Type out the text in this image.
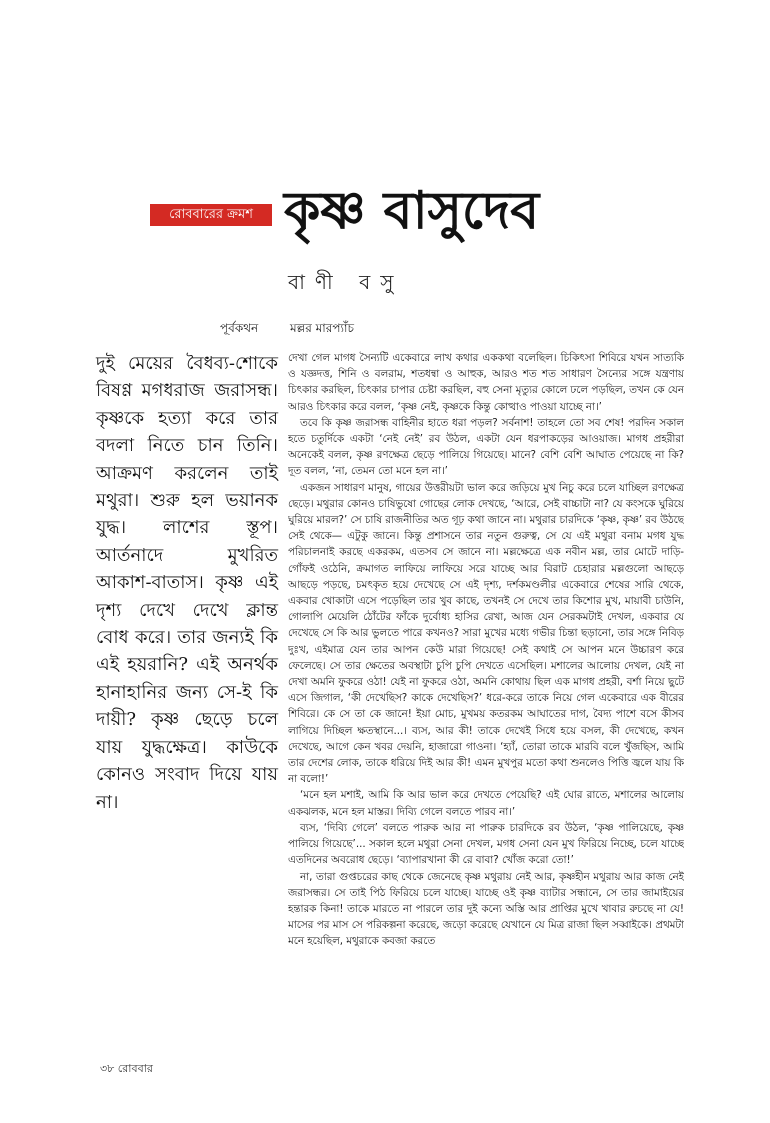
রোববারের ক্রমশ কৃষ্ণ বাসুদেব
বাণী বসু
পূর্বকথন	মল্লর মারপ্যাঁচ

দুই মেয়ের বৈধব্য-শোকে বিষণ্ণ মগধরাজ জরাসন্ধ। কৃষ্ণকে হত্যা করে তার বদলা নিতে চান তিনি। আক্রমণ করলেন তাই মথুরা। শুরু হল ভয়ানক যুদ্ধ। লাশের স্তূপ। আর্তনাদে মুখরিত আকাশ-বাতাস। কৃষ্ণ এই দৃশ্য দেখে দেখে ক্লান্ত বোধ করে। তার জন্যই কি এই হয়রানি? এই অনর্থক হানাহানির জন্য সে-ই কি দায়ী? কৃষ্ণ ছেড়ে চলে যায় যুদ্ধক্ষেত্র। কাউকে কোনও সংবাদ দিয়ে যায় না।

দেখা গেল মাগধ সৈন্যটি একেবারে লাখ কথার এককথা বলেছিল। চিকিৎসা শিবিরে যখন সাত্যকি ও যজ্ঞদত্ত, শিনি ও বলরাম, শতধন্বা ও আহুক, আরও শত শত সাধারণ সৈন্যের সঙ্গে যন্ত্রণায় চিৎকার করছিল, চিৎকার চাপার চেষ্টা করছিল, বহু সেনা মৃত্যুর কোলে ঢলে পড়ছিল, তখন কে যেন আরও চিৎকার করে বলল, ‘কৃষ্ণ নেই, কৃষ্ণকে কিন্তু কোত্থাও পাওয়া যাচ্ছে না।’

তবে কি কৃষ্ণ জরাসন্ধ বাহিনীর হাতে ধরা পড়ল? সর্বনাশ! তাহলে তো সব শেষ! পরদিন সকাল হতে চতুর্দিকে একটা ‘নেই নেই’ রব উঠল, একটা যেন ধরপাকড়ের আওয়াজ। মাগধ প্রহরীরা অনেকেই বলল, কৃষ্ণ রণক্ষেত্র ছেড়ে পালিয়ে গিয়েছে। মানে? বেশি বেশি আঘাত পেয়েছে না কি? দূত বলল, ‘না, তেমন তো মনে হল না।’

একজন সাধারণ মানুষ, গায়ের উত্তরীয়টা ভাল করে জড়িয়ে মুখ নিচু করে চলে যাচ্ছিল রণক্ষেত্র ছেড়ে। মথুরার কোনও চাষিভুষো গোছের লোক দেখছে, ‘আরে, সেই বাচ্চাটা না? যে কংসকে ঘুরিয়ে ঘুরিয়ে মারল?’ সে চাষি রাজনীতির অত গূঢ় কথা জানে না। মথুরার চারদিকে ‘কৃষ্ণ, কৃষ্ণ’ রব উঠছে সেই থেকে— এটুকু জানে। কিন্তু প্রশাসনে তার নতুন গুরুত্ব, সে যে এই মথুরা বনাম মগধ যুদ্ধ পরিচালনাই করছে একরকম, এতসব সে জানে না। মল্লক্ষেত্রে এক নবীন মল্ল, তার মোটে দাড়ি-গোঁফই ওঠেনি, ক্রমাগত লাফিয়ে লাফিয়ে সরে যাচ্ছে আর বিরাট চেহারার মল্লগুলো আছড়ে আছড়ে পড়ছে, চমৎকৃত হয়ে দেখেছে সে এই দৃশ্য, দর্শকমণ্ডলীর একেবারে শেষের সারি থেকে, একবার খোকাটা এসে পড়েছিল তার খুব কাছে, তখনই সে দেখে তার কিশোর মুখ, মায়াবী চাউনি, গোলাপি মেয়েলি ঠোঁটের ফাঁকে দুর্বোধ্য হাসির রেখা, আজ যেন সেরকমটাই দেখল, একবার যে দেখেছে সে কি আর ভুলতে পারে কখনও? সারা মুখের মধ্যে গভীর চিন্তা ছড়ানো, তার সঙ্গে নিবিড় দুঃখ, এইমাত্র যেন তার আপন কেউ মারা গিয়েছে! সেই কথাই সে আপন মনে উচ্চারণ করে ফেলেছে। সে তার ক্ষেতের অবস্থাটা চুপি চুপি দেখতে এসেছিল। মশালের আলোয় দেখল, যেই না দেখা অমনি ফুকরে ওঠা! যেই না ফুকরে ওঠা, অমনি কোথায় ছিল এক মাগধ প্রহরী, বর্শা নিয়ে ছুটে এসে জিগাল, ‘কী দেখেছিস? কাকে দেখেছিস?’ ধরে-করে তাকে নিয়ে গেল একেবারে এক বীরের শিবিরে। কে সে তা কে জানে! ইয়া মোচ, মুখময় কতরকম আঘাতের দাগ, বৈদ্য পাশে বসে কীসব লাগিয়ে দিচ্ছিল ক্ষতস্থানে...। ব্যস, আর কী! তাকে দেখেই সিধে হয়ে বসল, কী দেখেছে, কখন দেখেছে, আগে কেন খবর দেয়নি, হাজারো গাওনা। ‘হ্যাঁ, তোরা তাকে মারবি বলে খুঁজছিস, আমি তার দেশের লোক, তাকে ধরিয়ে দিই আর কী! এমন মুখপুর মতো কথা শুনলেও পিত্তি জ্বলে যায় কি না বলো!’

‘মনে হল মশাই, আমি কি আর ভাল করে দেখতে পেয়েছি? এই ঘোর রাতে, মশালের আলোয় একঝলক, মনে হল মাস্তর। দিব্যি গেলে বলতে পারব না।’

ব্যস, ‘দিব্যি গেলে’ বলতে পারুক আর না পারুক চারদিকে রব উঠল, ‘কৃষ্ণ পালিয়েছে, কৃষ্ণ পালিয়ে গিয়েছে’... সকাল হলে মথুরা সেনা দেখল, মগধ সেনা যেন মুখ ফিরিয়ে নিচ্ছে, চলে যাচ্ছে এতদিনের অবরোধ ছেড়ে। ‘ব্যাপারখানা কী রে বাবা? খোঁজ করো তো!’

না, তারা গুপ্তচরের কাছ থেকে জেনেছে কৃষ্ণ মথুরায় নেই আর, কৃষ্ণহীন মথুরায় আর কাজ নেই জরাসন্ধর। সে তাই পিঠ ফিরিয়ে চলে যাচ্ছে। যাচ্ছে ওই কৃষ্ণ ব্যাটার সন্ধানে, সে তার জামাইয়ের হন্তারক কিনা! তাকে মারতে না পারলে তার দুই কন্যে অস্তি আর প্রাপ্তির মুখে খাবার রুচছে না যে! মাসের পর মাস সে পরিকল্পনা করেছে, জড়ো করেছে যেখানে যে মিত্র রাজা ছিল সব্বাইকে। প্রথমটা মনে হয়েছিল, মথুরাকে কবজা করতে

৩৮ রোববার
